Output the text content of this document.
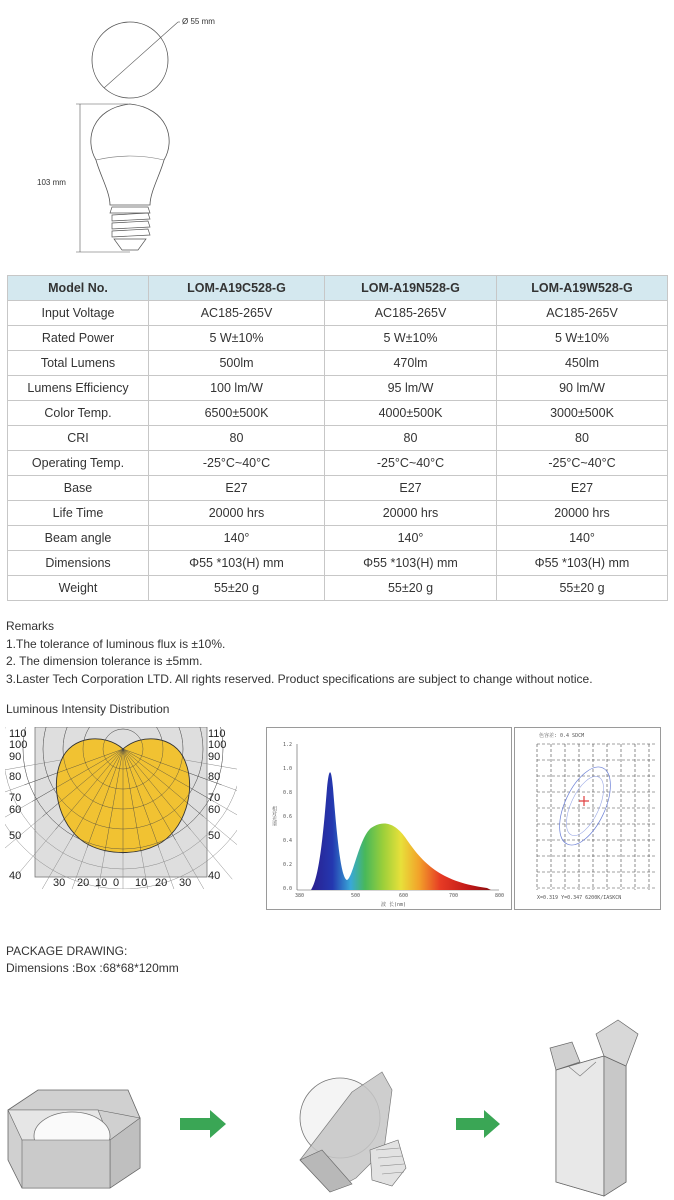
Ø 55 mm
103 mm
Model No.	LOM-A19C528-G	LOM-A19N528-G	LOM-A19W528-G
Input Voltage	AC185-265V	AC185-265V	AC185-265V
Rated Power	5 W±10%	5 W±10%	5 W±10%
Total Lumens	500lm	470lm	450lm
Lumens Efficiency	100 lm/W	95 lm/W	90 lm/W
Color Temp.	6500±500K	4000±500K	3000±500K
CRI	80	80	80
Operating Temp.	-25°C~40°C	-25°C~40°C	-25°C~40°C
Base	E27	E27	E27
Life Time	20000 hrs	20000 hrs	20000 hrs
Beam angle	140°	140°	140°
Dimensions	Φ55 *103(H) mm	Φ55 *103(H) mm	Φ55 *103(H) mm
Weight	55±20 g	55±20 g	55±20 g
Remarks
1.The tolerance of luminous flux is ±10%.
2. The dimension tolerance is ±5mm.
3.Laster Tech Corporation LTD. All rights reserved. Product specifications are subject to change without notice.
Luminous Intensity Distribution
110
100
90
80
70
60
50
40
110
100
90
80
70
60
50
40
30 20 10 0 10 20 30
1.2
1.0
0.8
0.6
0.4
0.2
0.0
380	500	600	700	800
相对光谱
波 长(nm)
色容差: 0.4 SDCM
X=0.319 Y=0.347 6200K/IASKCN
PACKAGE DRAWING:
Dimensions :Box :68*68*120mm
